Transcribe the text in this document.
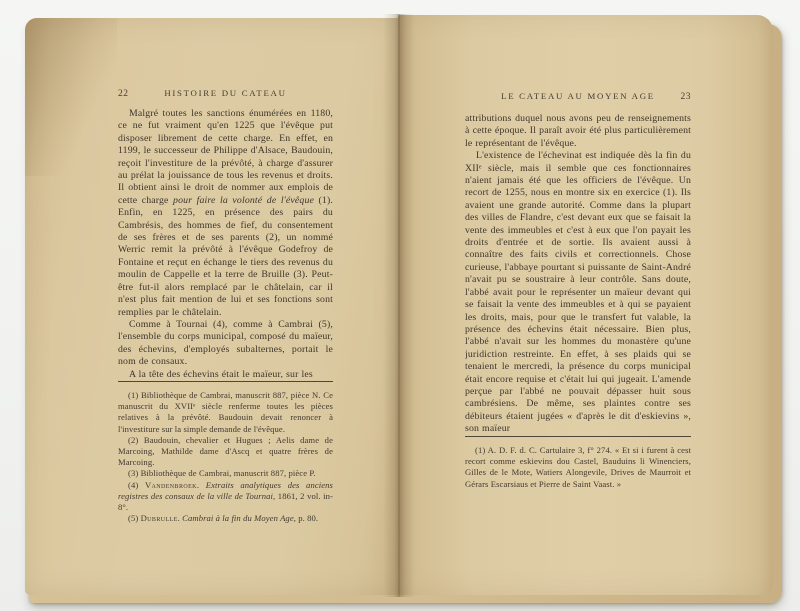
22	HISTOIRE DU CATEAU

Malgré toutes les sanctions énumérées en 1180, ce ne fut vraiment qu'en 1225 que l'évêque put disposer librement de cette charge. En effet, en 1199, le successeur de Philippe d'Alsace, Baudouin, reçoit l'investiture de la prévôté, à charge d'assurer au prélat la jouissance de tous les revenus et droits. Il obtient ainsi le droit de nommer aux emplois de cette charge pour faire la volonté de l'évêque (1). Enfin, en 1225, en présence des pairs du Cambrésis, des hommes de fief, du consentement de ses frères et de ses parents (2), un nommé Werric remit la prévôté à l'évêque Godefroy de Fontaine et reçut en échange le tiers des revenus du moulin de Cappelle et la terre de Bruille (3). Peut-être fut-il alors remplacé par le châtelain, car il n'est plus fait mention de lui et ses fonctions sont remplies par le châtelain.

Comme à Tournai (4), comme à Cambrai (5), l'ensemble du corps municipal, composé du maïeur, des échevins, d'employés subalternes, portait le nom de consaux.

A la tête des échevins était le maïeur, sur les

(1) Bibliothèque de Cambrai, manuscrit 887, pièce N. Ce manuscrit du XVIIᵉ siècle renferme toutes les pièces relatives à la prévôté. Baudouin devait renoncer à l'investiture sur la simple demande de l'évêque.

(2) Baudouin, chevalier et Hugues ; Aelis dame de Marcoing, Mathilde dame d'Ascq et quatre frères de Marcoing.

(3) Bibliothèque de Cambrai, manuscrit 887, pièce P.

(4) Vandenbroek. Extraits analytiques des anciens registres des consaux de la ville de Tournai, 1861, 2 vol. in-8°.

(5) Dubrulle. Cambrai à la fin du Moyen Age, p. 80.

LE CATEAU AU MOYEN AGE	23

attributions duquel nous avons peu de renseignements à cette époque. Il paraît avoir été plus particulièrement le représentant de l'évêque.

L'existence de l'échevinat est indiquée dès la fin du XIIᵉ siècle, mais il semble que ces fonctionnaires n'aient jamais été que les officiers de l'évêque. Un recort de 1255, nous en montre six en exercice (1). Ils avaient une grande autorité. Comme dans la plupart des villes de Flandre, c'est devant eux que se faisait la vente des immeubles et c'est à eux que l'on payait les droits d'entrée et de sortie. Ils avaient aussi à connaître des faits civils et correctionnels. Chose curieuse, l'abbaye pourtant si puissante de Saint-André n'avait pu se soustraire à leur contrôle. Sans doute, l'abbé avait pour le représenter un maïeur devant qui se faisait la vente des immeubles et à qui se payaient les droits, mais, pour que le transfert fut valable, la présence des échevins était nécessaire. Bien plus, l'abbé n'avait sur les hommes du monastère qu'une juridiction restreinte. En effet, à ses plaids qui se tenaient le mercredi, la présence du corps municipal était encore requise et c'était lui qui jugeait. L'amende perçue par l'abbé ne pouvait dépasser huit sous cambrésiens. De même, ses plaintes contre ses débiteurs étaient jugées « d'après le dit d'eskievins », son maïeur

(1) A. D. F. d. C. Cartulaire 3, f° 274. « Et si i furent à cest recort comme eskievins dou Castel, Bauduins li Winenciers, Gilles de le Mote, Watiers Alongevile, Drives de Maurroit et Gérars Escarsiaus et Pierre de Saint Vaast. »
